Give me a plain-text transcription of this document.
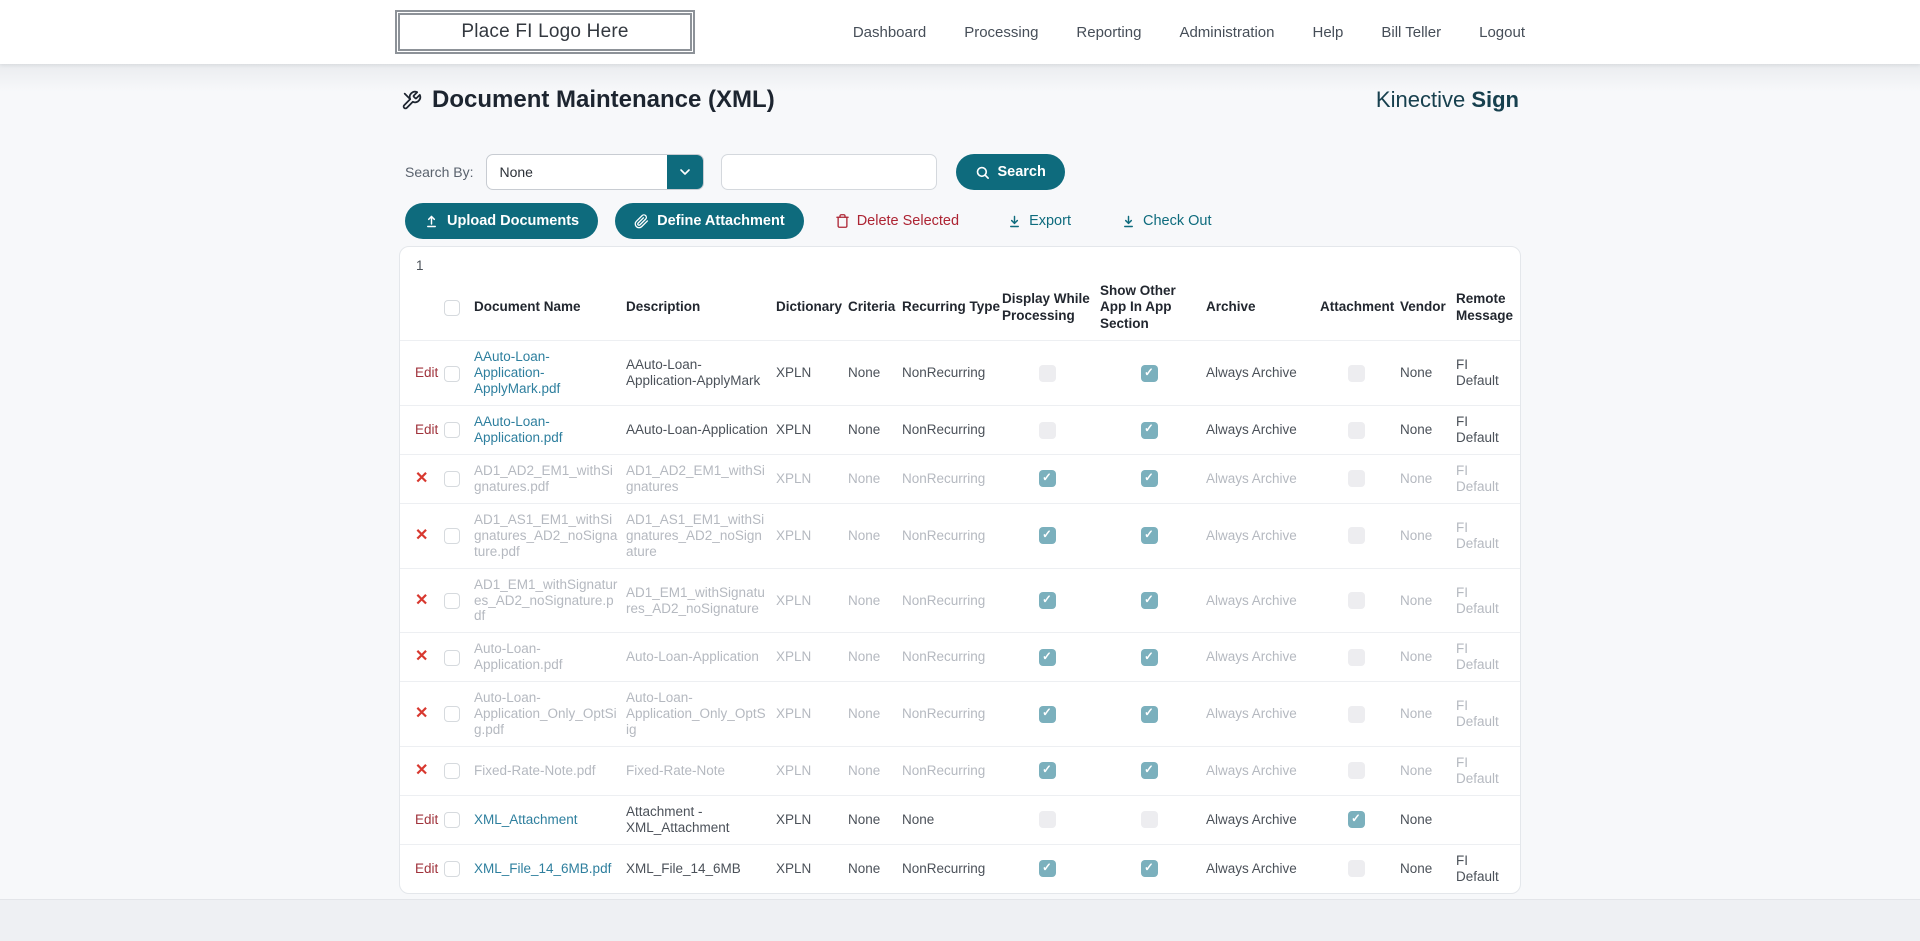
Place FI Logo Here	Dashboard	Processing	Reporting	Administration	Help	Bill Teller	Logout
Document Maintenance (XML)	Kinective Sign
Search By:	None	Search
Upload Documents	Define Attachment	Delete Selected	Export	Check Out
1
		Document Name	Description	Dictionary	Criteria	Recurring Type	Display While Processing	Show Other App In App Section	Archive	Attachment	Vendor	Remote Message
Edit		AAuto-Loan-Application-ApplyMark.pdf	AAuto-Loan-Application-ApplyMark	XPLN	None	NonRecurring		✓	Always Archive		None	FI Default
Edit		AAuto-Loan-Application.pdf	AAuto-Loan-Application	XPLN	None	NonRecurring		✓	Always Archive		None	FI Default
✕		AD1_AD2_EM1_withSignatures.pdf	AD1_AD2_EM1_withSignatures	XPLN	None	NonRecurring	✓	✓	Always Archive		None	FI Default
✕		AD1_AS1_EM1_withSignatures_AD2_noSignature.pdf	AD1_AS1_EM1_withSignatures_AD2_noSignature	XPLN	None	NonRecurring	✓	✓	Always Archive		None	FI Default
✕		AD1_EM1_withSignatures_AD2_noSignature.pdf	AD1_EM1_withSignatures_AD2_noSignature	XPLN	None	NonRecurring	✓	✓	Always Archive		None	FI Default
✕		Auto-Loan-Application.pdf	Auto-Loan-Application	XPLN	None	NonRecurring	✓	✓	Always Archive		None	FI Default
✕		Auto-Loan-Application_Only_OptSig.pdf	Auto-Loan-Application_Only_OptSig	XPLN	None	NonRecurring	✓	✓	Always Archive		None	FI Default
✕		Fixed-Rate-Note.pdf	Fixed-Rate-Note	XPLN	None	NonRecurring	✓	✓	Always Archive		None	FI Default
Edit		XML_Attachment	Attachment - XML_Attachment	XPLN	None	None			Always Archive	✓	None	
Edit		XML_File_14_6MB.pdf	XML_File_14_6MB	XPLN	None	NonRecurring	✓	✓	Always Archive		None	FI Default
